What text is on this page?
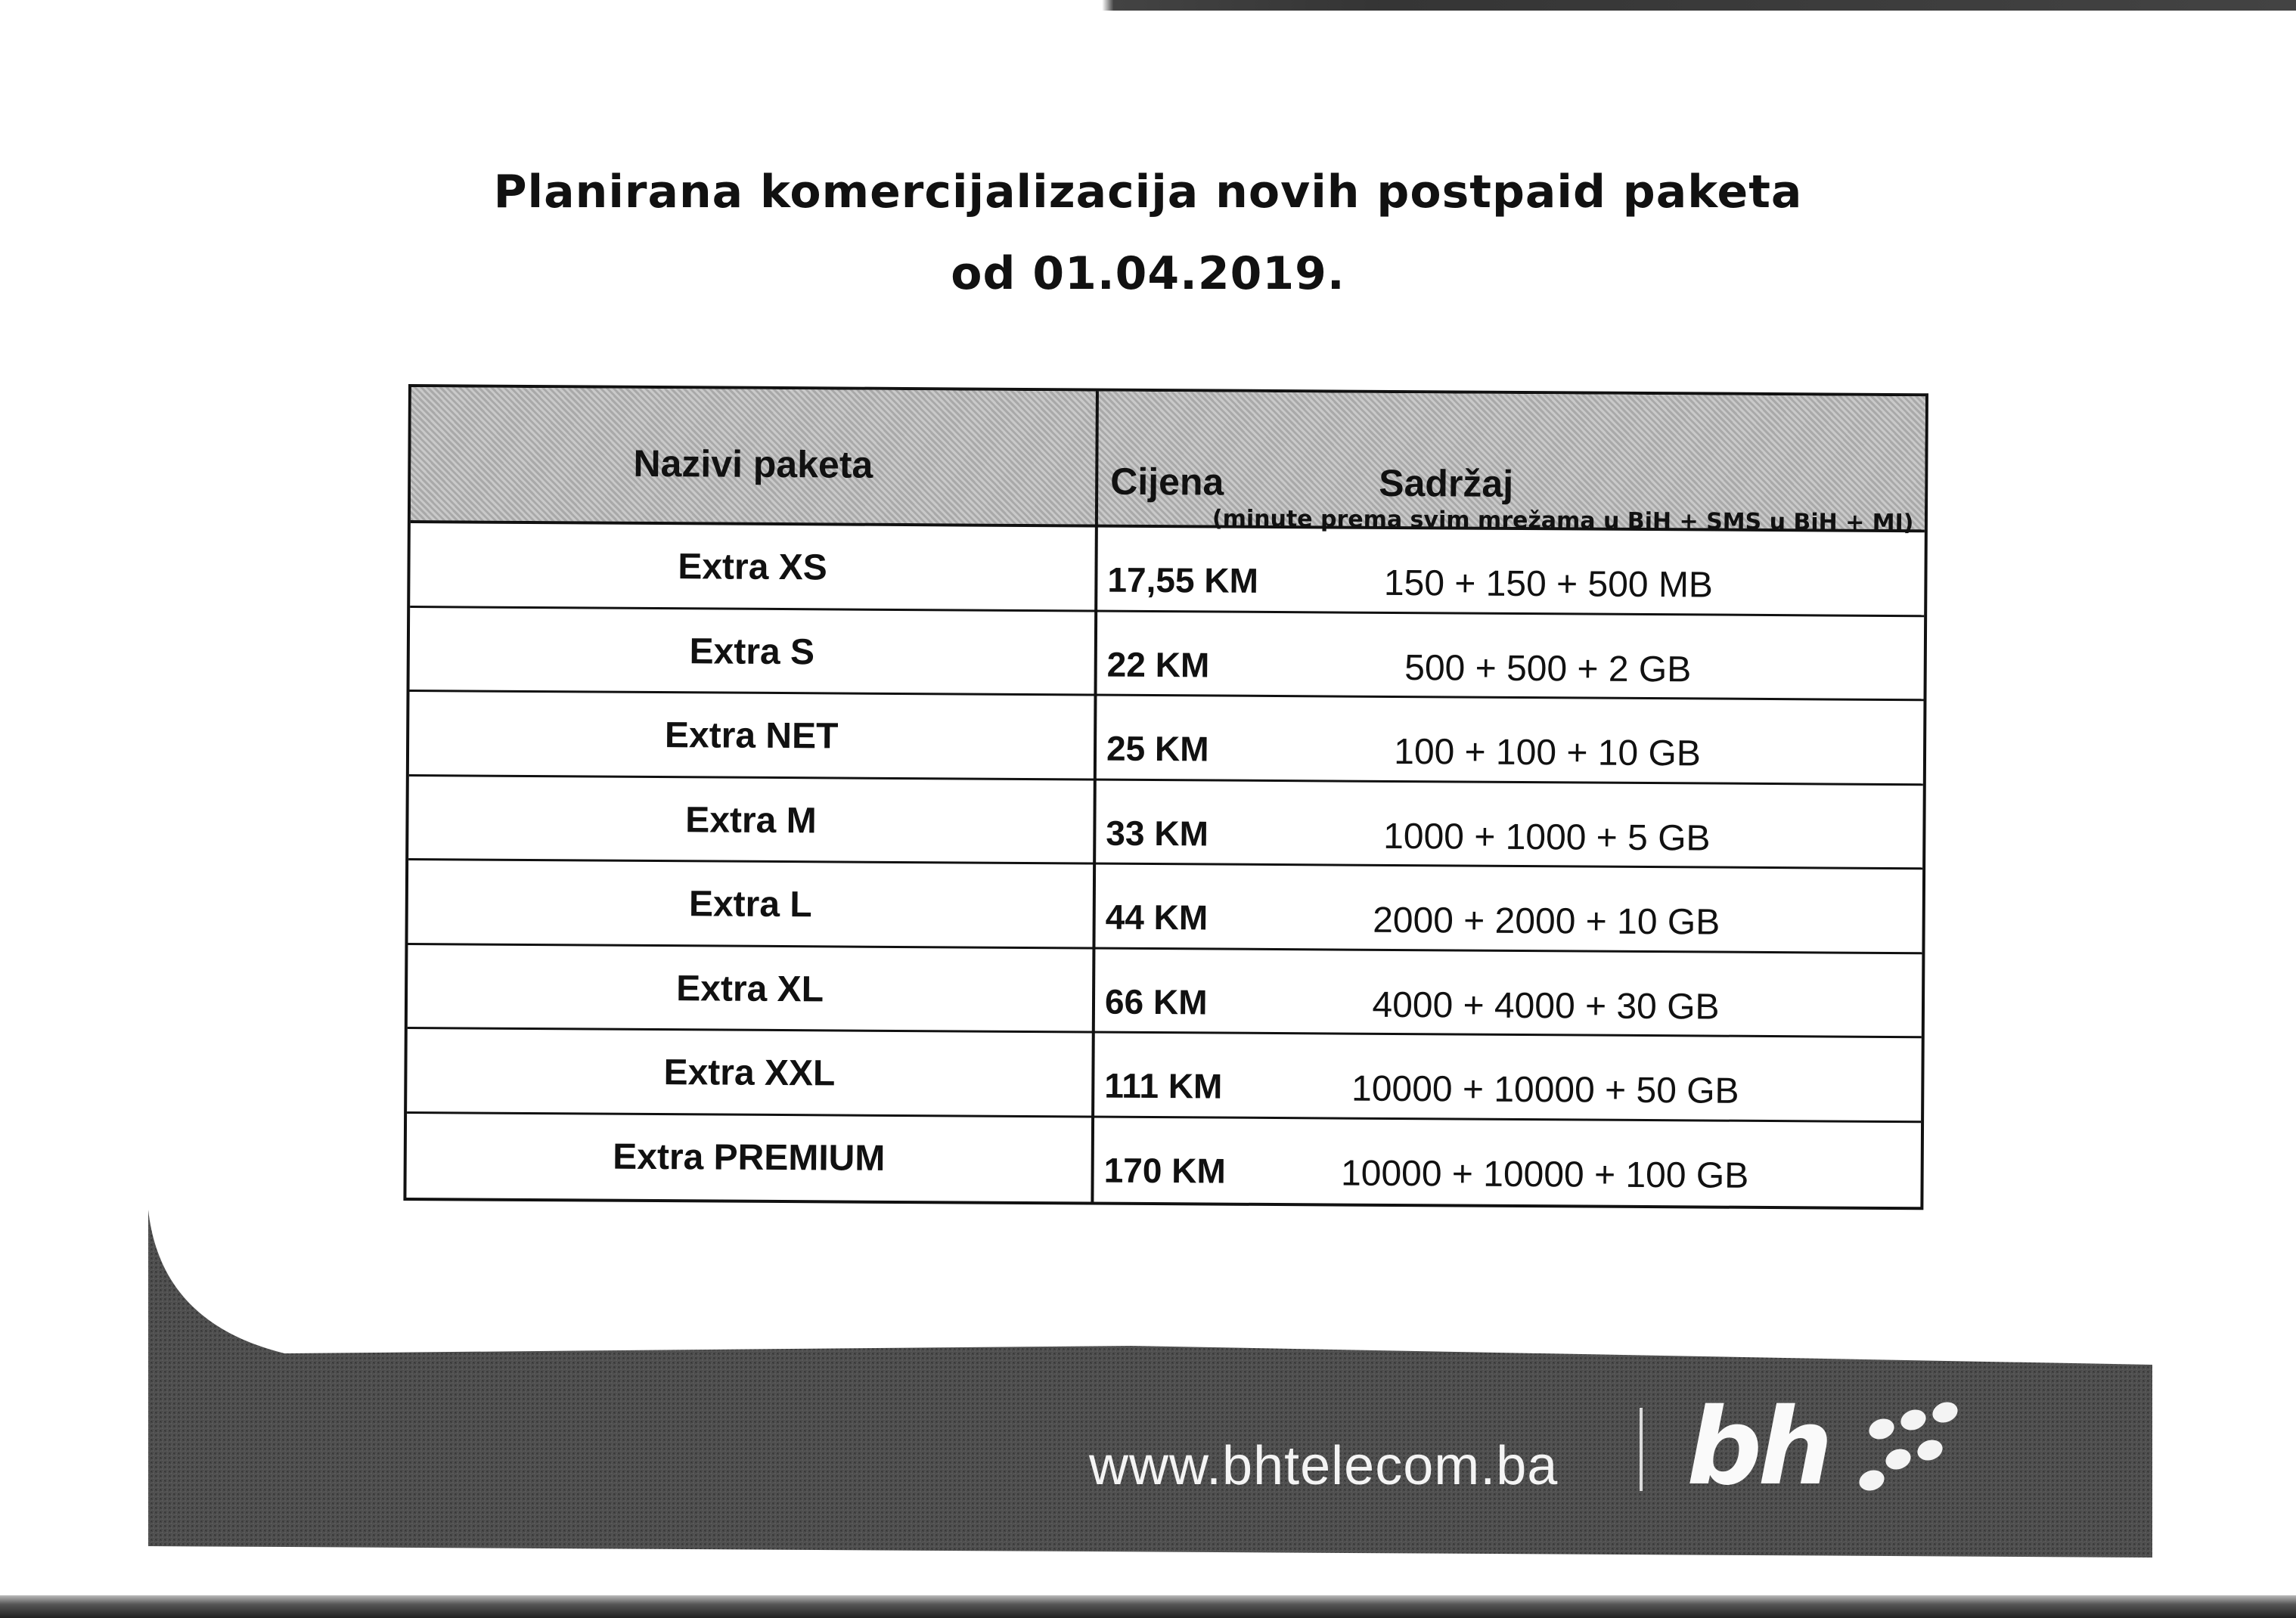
Planirana komercijalizacija novih postpaid paketa
od 01.04.2019.
Nazivi paketa	Cijena	Sadržaj
(minute prema svim mrežama u BiH + SMS u BiH + MI)
Extra XS	17,55 KM	150 + 150 + 500 MB
Extra S	22 KM	500 + 500 + 2 GB
Extra NET	25 KM	100 + 100 + 10 GB
Extra M	33 KM	1000 + 1000 + 5 GB
Extra L	44 KM	2000 + 2000 + 10 GB
Extra XL	66 KM	4000 + 4000 + 30 GB
Extra XXL	111 KM	10000 + 10000 + 50 GB
Extra PREMIUM	170 KM	10000 + 10000 + 100 GB
www.bhtelecom.ba bh
